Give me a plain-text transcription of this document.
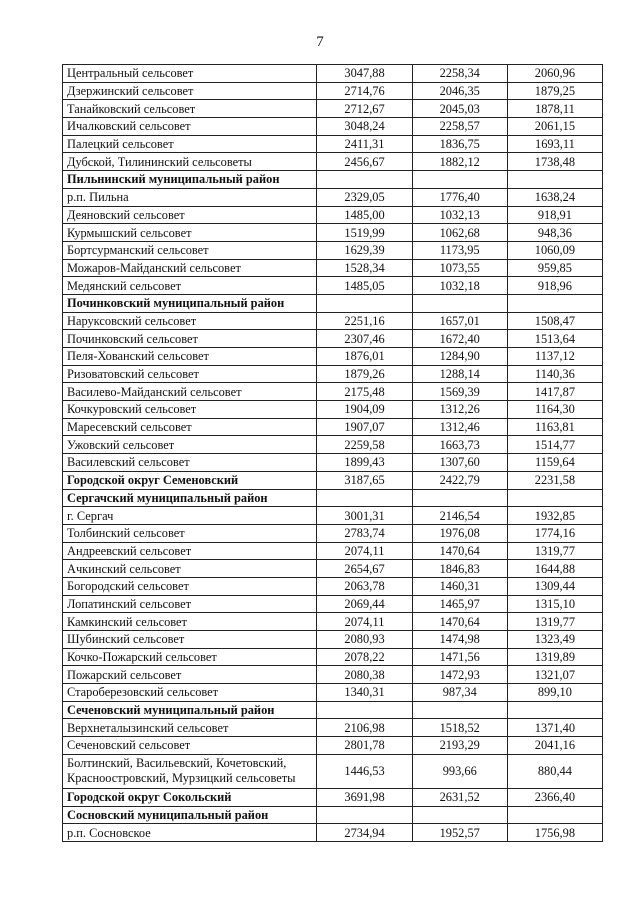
7
Центральный сельсовет	3047,88	2258,34	2060,96
Дзержинский сельсовет	2714,76	2046,35	1879,25
Танайковский сельсовет	2712,67	2045,03	1878,11
Ичалковский сельсовет	3048,24	2258,57	2061,15
Палецкий сельсовет	2411,31	1836,75	1693,11
Дубской, Тилининский сельсоветы	2456,67	1882,12	1738,48
Пильнинский муниципальный район			
р.п. Пильна	2329,05	1776,40	1638,24
Деяновский сельсовет	1485,00	1032,13	918,91
Курмышский сельсовет	1519,99	1062,68	948,36
Бортсурманский сельсовет	1629,39	1173,95	1060,09
Можаров-Майданский сельсовет	1528,34	1073,55	959,85
Медянский сельсовет	1485,05	1032,18	918,96
Починковский муниципальный район			
Наруксовский сельсовет	2251,16	1657,01	1508,47
Починковский сельсовет	2307,46	1672,40	1513,64
Пеля-Хованский сельсовет	1876,01	1284,90	1137,12
Ризоватовский сельсовет	1879,26	1288,14	1140,36
Василево-Майданский сельсовет	2175,48	1569,39	1417,87
Кочкуровский сельсовет	1904,09	1312,26	1164,30
Маресевский сельсовет	1907,07	1312,46	1163,81
Ужовский сельсовет	2259,58	1663,73	1514,77
Василевский сельсовет	1899,43	1307,60	1159,64
Городской округ Семеновский	3187,65	2422,79	2231,58
Сергачский муниципальный район			
г. Сергач	3001,31	2146,54	1932,85
Толбинский сельсовет	2783,74	1976,08	1774,16
Андреевский сельсовет	2074,11	1470,64	1319,77
Ачкинский сельсовет	2654,67	1846,83	1644,88
Богородский сельсовет	2063,78	1460,31	1309,44
Лопатинский сельсовет	2069,44	1465,97	1315,10
Камкинский сельсовет	2074,11	1470,64	1319,77
Шубинский сельсовет	2080,93	1474,98	1323,49
Кочко-Пожарский сельсовет	2078,22	1471,56	1319,89
Пожарский сельсовет	2080,38	1472,93	1321,07
Староберезовский сельсовет	1340,31	987,34	899,10
Сеченовский муниципальный район			
Верхнеталызинский сельсовет	2106,98	1518,52	1371,40
Сеченовский сельсовет	2801,78	2193,29	2041,16
Болтинский, Васильевский, Кочетовский, Красноостровский, Мурзицкий сельсоветы	1446,53	993,66	880,44
Городской округ Сокольский	3691,98	2631,52	2366,40
Сосновский муниципальный район			
р.п. Сосновское	2734,94	1952,57	1756,98
